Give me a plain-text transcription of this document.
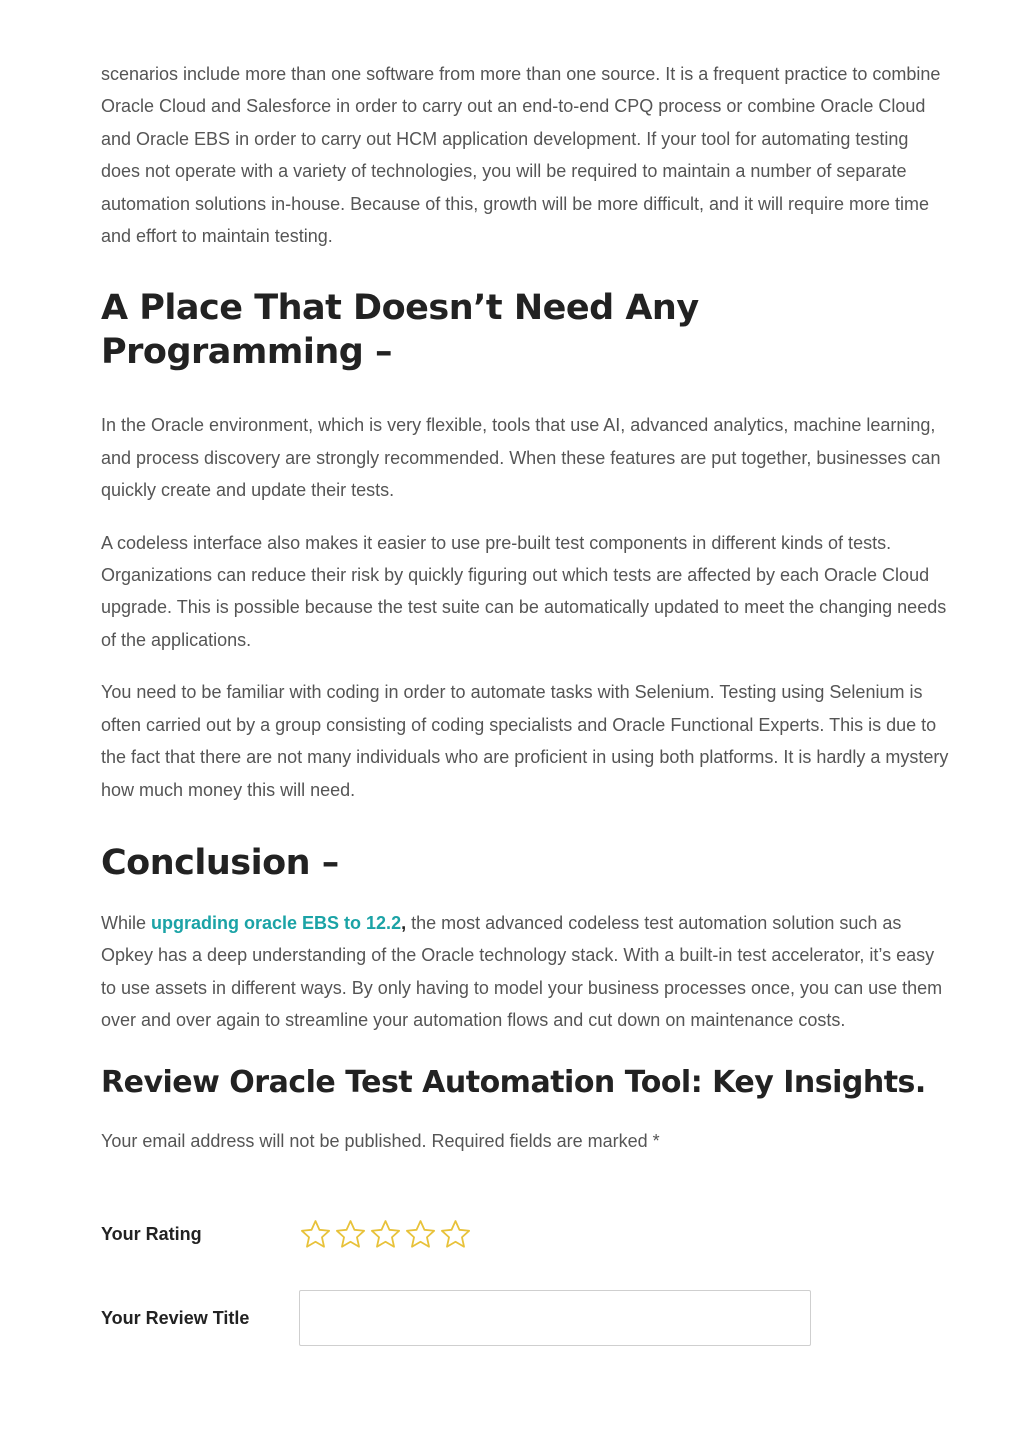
scenarios include more than one software from more than one source. It is a frequent practice to combine Oracle Cloud and Salesforce in order to carry out an end-to-end CPQ process or combine Oracle Cloud and Oracle EBS in order to carry out HCM application development. If your tool for automating testing does not operate with a variety of technologies, you will be required to maintain a number of separate automation solutions in-house. Because of this, growth will be more difficult, and it will require more time and effort to maintain testing.

A Place That Doesn’t Need Any Programming –

In the Oracle environment, which is very flexible, tools that use AI, advanced analytics, machine learning, and process discovery are strongly recommended. When these features are put together, businesses can quickly create and update their tests.

A codeless interface also makes it easier to use pre-built test components in different kinds of tests. Organizations can reduce their risk by quickly figuring out which tests are affected by each Oracle Cloud upgrade. This is possible because the test suite can be automatically updated to meet the changing needs of the applications.

You need to be familiar with coding in order to automate tasks with Selenium. Testing using Selenium is often carried out by a group consisting of coding specialists and Oracle Functional Experts. This is due to the fact that there are not many individuals who are proficient in using both platforms. It is hardly a mystery how much money this will need.

Conclusion –

While upgrading oracle EBS to 12.2, the most advanced codeless test automation solution such as Opkey has a deep understanding of the Oracle technology stack. With a built-in test accelerator, it’s easy to use assets in different ways. By only having to model your business processes once, you can use them over and over again to streamline your automation flows and cut down on maintenance costs.

Review Oracle Test Automation Tool: Key Insights.

Your email address will not be published. Required fields are marked *

Your Rating
Your Review Title
